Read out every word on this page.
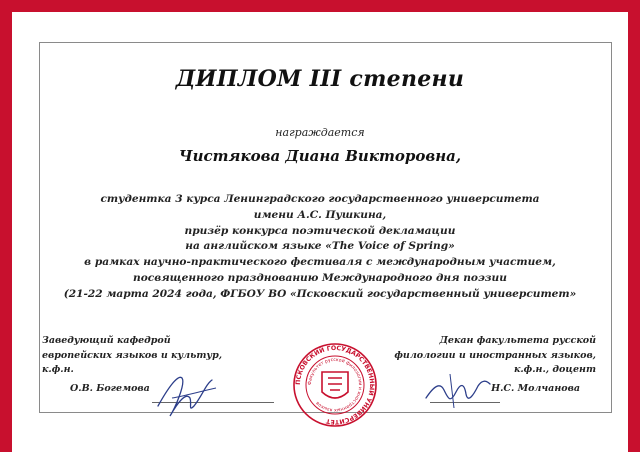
ДИПЛОМ III степени
награждается
Чистякова Диана Викторовна,
студентка 3 курса Ленинградского государственного университета
имени А.С. Пушкина,
призёр конкурса поэтической декламации
на английском языке «The Voice of Spring»
в рамках научно-практического фестиваля с международным участием,
посвященного празднованию Международного дня поэзии
(21-22 марта 2024 года, ФГБОУ ВО «Псковский государственный университет»
ПСКОВСКИЙ ГОСУДАРСТВЕННЫЙ УНИВЕРСИТЕТ
Факультет русской филологии и иностранных языков
Заведующий кафедрой
европейских языков и культур,
к.ф.н.
О.В. Богемова
Декан факультета русской
филологии и иностранных языков,
к.ф.н., доцент
Н.С. Молчанова
